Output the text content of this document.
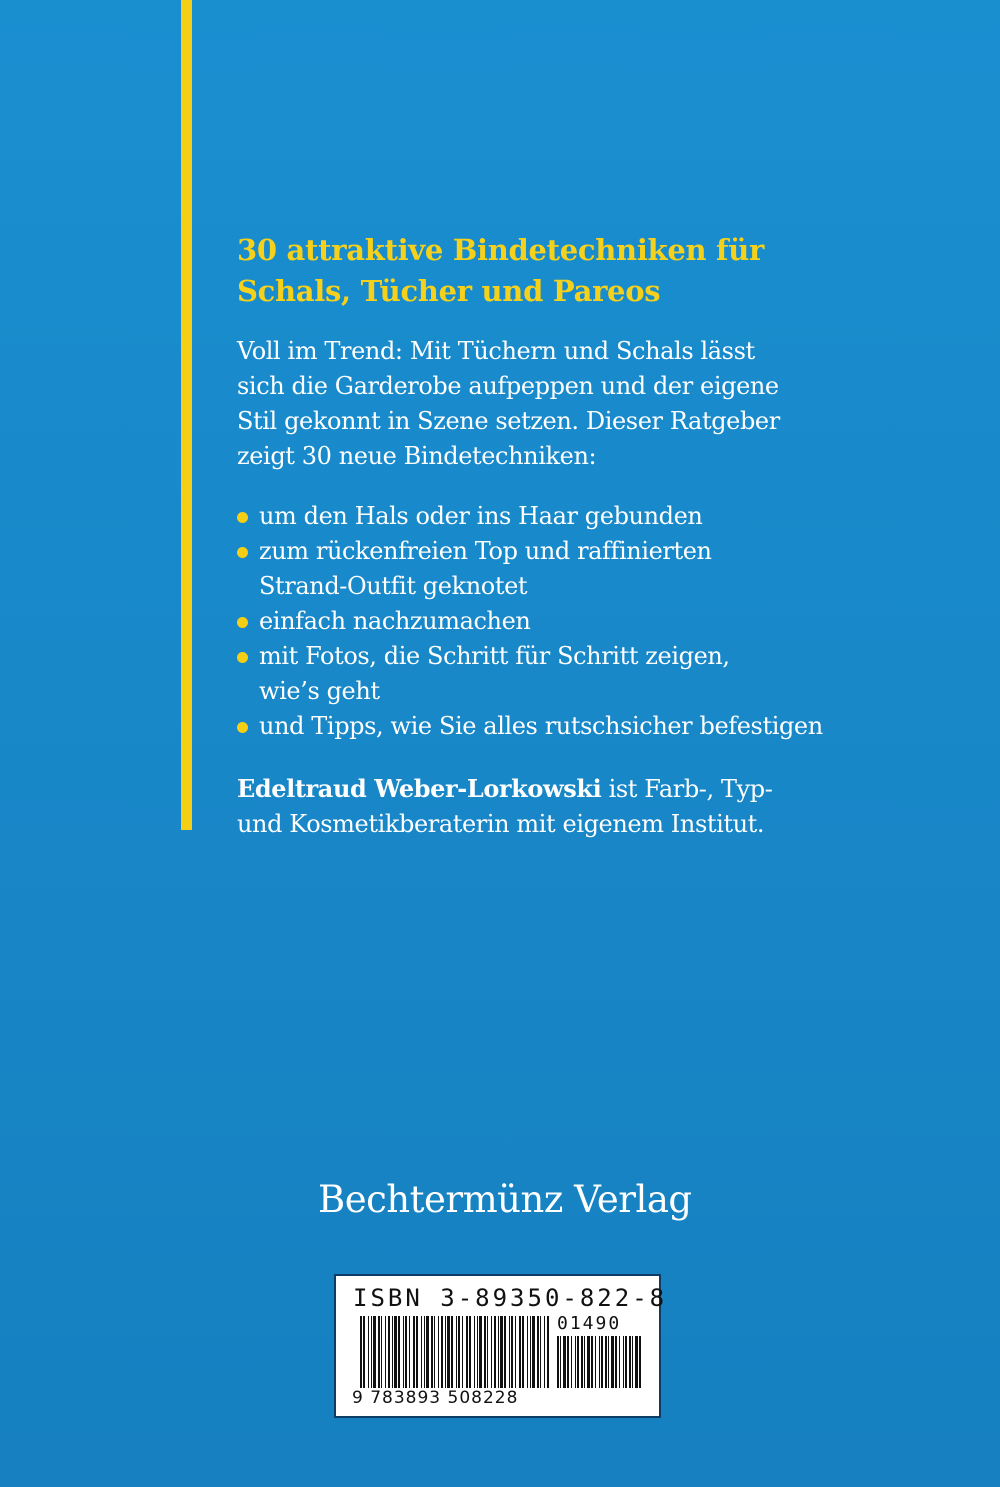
30 attraktive Bindetechniken für
Schals, Tücher und Pareos

Voll im Trend: Mit Tüchern und Schals lässt
sich die Garderobe aufpeppen und der eigene
Stil gekonnt in Szene setzen. Dieser Ratgeber
zeigt 30 neue Bindetechniken:

um den Hals oder ins Haar gebunden
zum rückenfreien Top und raffinierten
Strand-Outfit geknotet
einfach nachzumachen
mit Fotos, die Schritt für Schritt zeigen,
wie’s geht
und Tipps, wie Sie alles rutschsicher befestigen

Edeltraud Weber-Lorkowski ist Farb-, Typ-
und Kosmetikberaterin mit eigenem Institut.

Bechtermünz Verlag

ISBN 3-89350-822-8

01490

9 783893 508228
